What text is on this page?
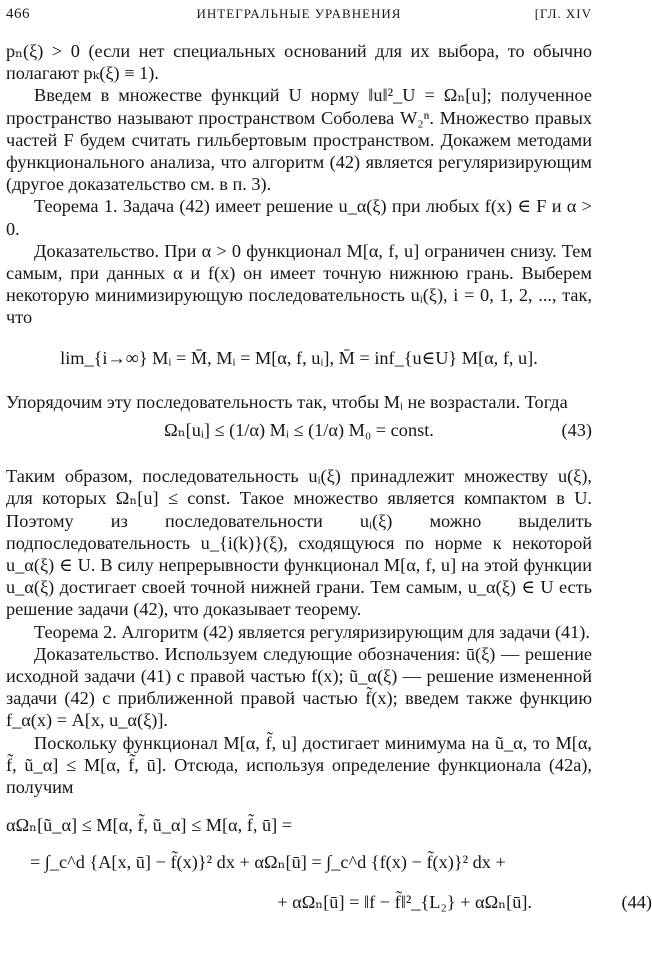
466	ИНТЕГРАЛЬНЫЕ УРАВНЕНИЯ	[ГЛ. XIV

pₙ(ξ) > 0 (если нет специальных оснований для их выбора, то обычно полагают pₖ(ξ) ≡ 1).

Введем в множестве функций U норму ‖u‖²_U = Ωₙ[u]; полученное пространство называют пространством Соболева W₂ⁿ. Множество правых частей F будем считать гильбертовым пространством. Докажем методами функционального анализа, что алгоритм (42) является регуляризирующим (другое доказательство см. в п. 3).

Теорема 1. Задача (42) имеет решение u_α(ξ) при любых f(x) ∈ F и α > 0.

Доказательство. При α > 0 функционал M[α, f, u] ограничен снизу. Тем самым, при данных α и f(x) он имеет точную нижнюю грань. Выберем некоторую минимизирующую последовательность uᵢ(ξ), i = 0, 1, 2, ..., так, что

lim_{i→∞} Mᵢ = M̄, Mᵢ = M[α, f, uᵢ], M̄ = inf_{u∈U} M[α, f, u].

Упорядочим эту последовательность так, чтобы Mᵢ не возрастали. Тогда

Ωₙ[uᵢ] ≤ (1/α) Mᵢ ≤ (1/α) M₀ = const.	(43)

Таким образом, последовательность uᵢ(ξ) принадлежит множеству u(ξ), для которых Ωₙ[u] ≤ const. Такое множество является компактом в U. Поэтому из последовательности uᵢ(ξ) можно выделить подпоследовательность u_{i(k)}(ξ), сходящуюся по норме к некоторой u_α(ξ) ∈ U. В силу непрерывности функционал M[α, f, u] на этой функции u_α(ξ) достигает своей точной нижней грани. Тем самым, u_α(ξ) ∈ U есть решение задачи (42), что доказывает теорему.

Теорема 2. Алгоритм (42) является регуляризирующим для задачи (41).

Доказательство. Используем следующие обозначения: ū(ξ) — решение исходной задачи (41) с правой частью f(x); ũ_α(ξ) — решение измененной задачи (42) с приближенной правой частью f̃(x); введем также функцию f_α(x) = A[x, u_α(ξ)].

Поскольку функционал M[α, f̃, u] достигает минимума на ũ_α, то M[α, f̃, ũ_α] ≤ M[α, f̃, ū]. Отсюда, используя определение функционала (42a), получим

αΩₙ[ũ_α] ≤ M[α, f̃, ũ_α] ≤ M[α, f̃, ū] =
= ∫_c^d {A[x, ū] − f̃(x)}² dx + αΩₙ[ū] = ∫_c^d {f(x) − f̃(x)}² dx +
+ αΩₙ[ū] = ‖f − f̃‖²_{L₂} + αΩₙ[ū].	(44)
